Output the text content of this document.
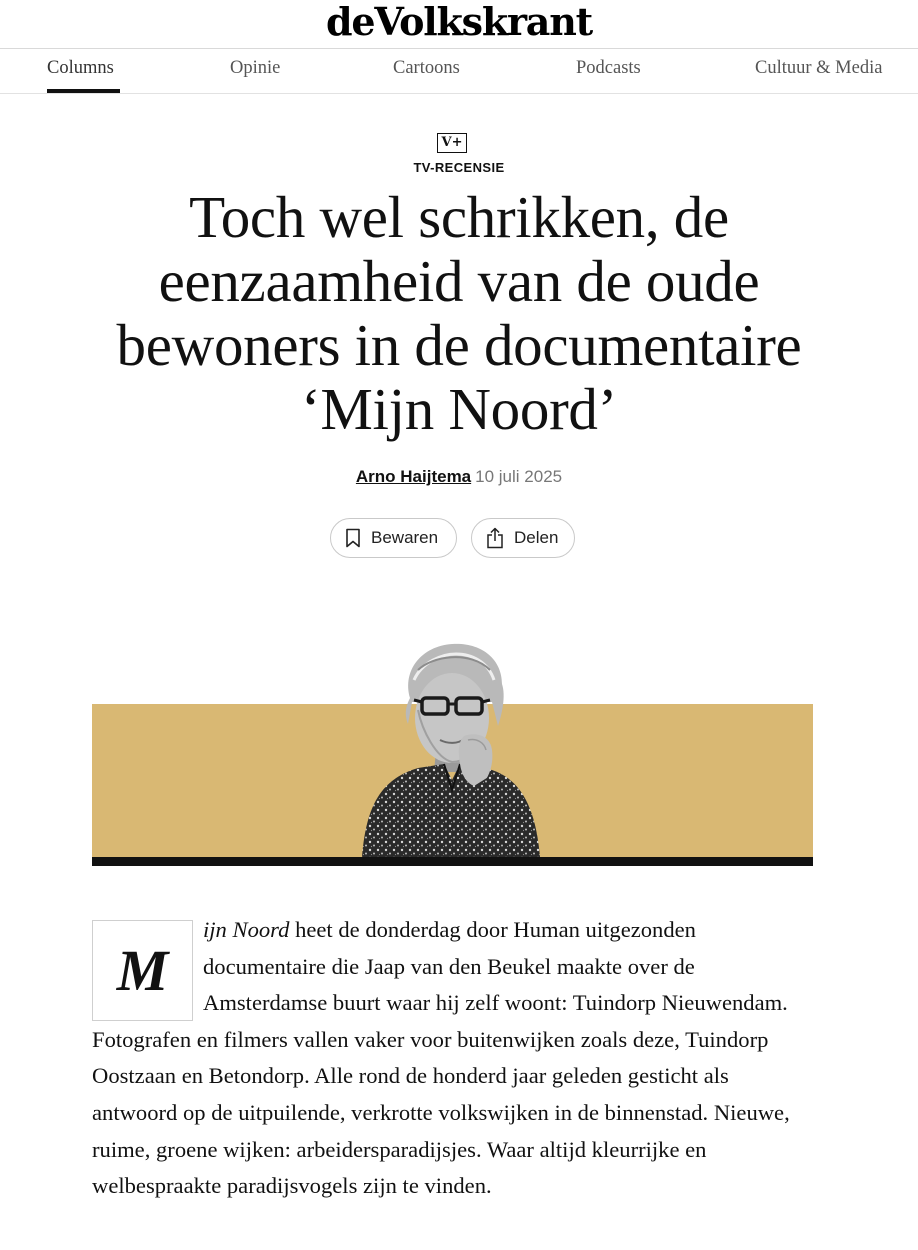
deVolkskrant
Columns	Opinie	Cartoons	Podcasts	Cultuur & Media
V+
TV-RECENSIE
Toch wel schrikken, de eenzaamheid van de oude bewoners in de documentaire ‘Mijn Noord’
Arno Haijtema 10 juli 2025
Bewaren	Delen

M
ijn Noord heet de donderdag door Human uitgezonden documentaire die Jaap van den Beukel maakte over de Amsterdamse buurt waar hij zelf woont: Tuindorp Nieuwendam. Fotografen en filmers vallen vaker voor buitenwijken zoals deze, Tuindorp Oostzaan en Betondorp. Alle rond de honderd jaar geleden gesticht als antwoord op de uitpuilende, verkrotte volkswijken in de binnenstad. Nieuwe, ruime, groene wijken: arbeidersparadijsjes. Waar altijd kleurrijke en welbespraakte paradijsvogels zijn te vinden.
